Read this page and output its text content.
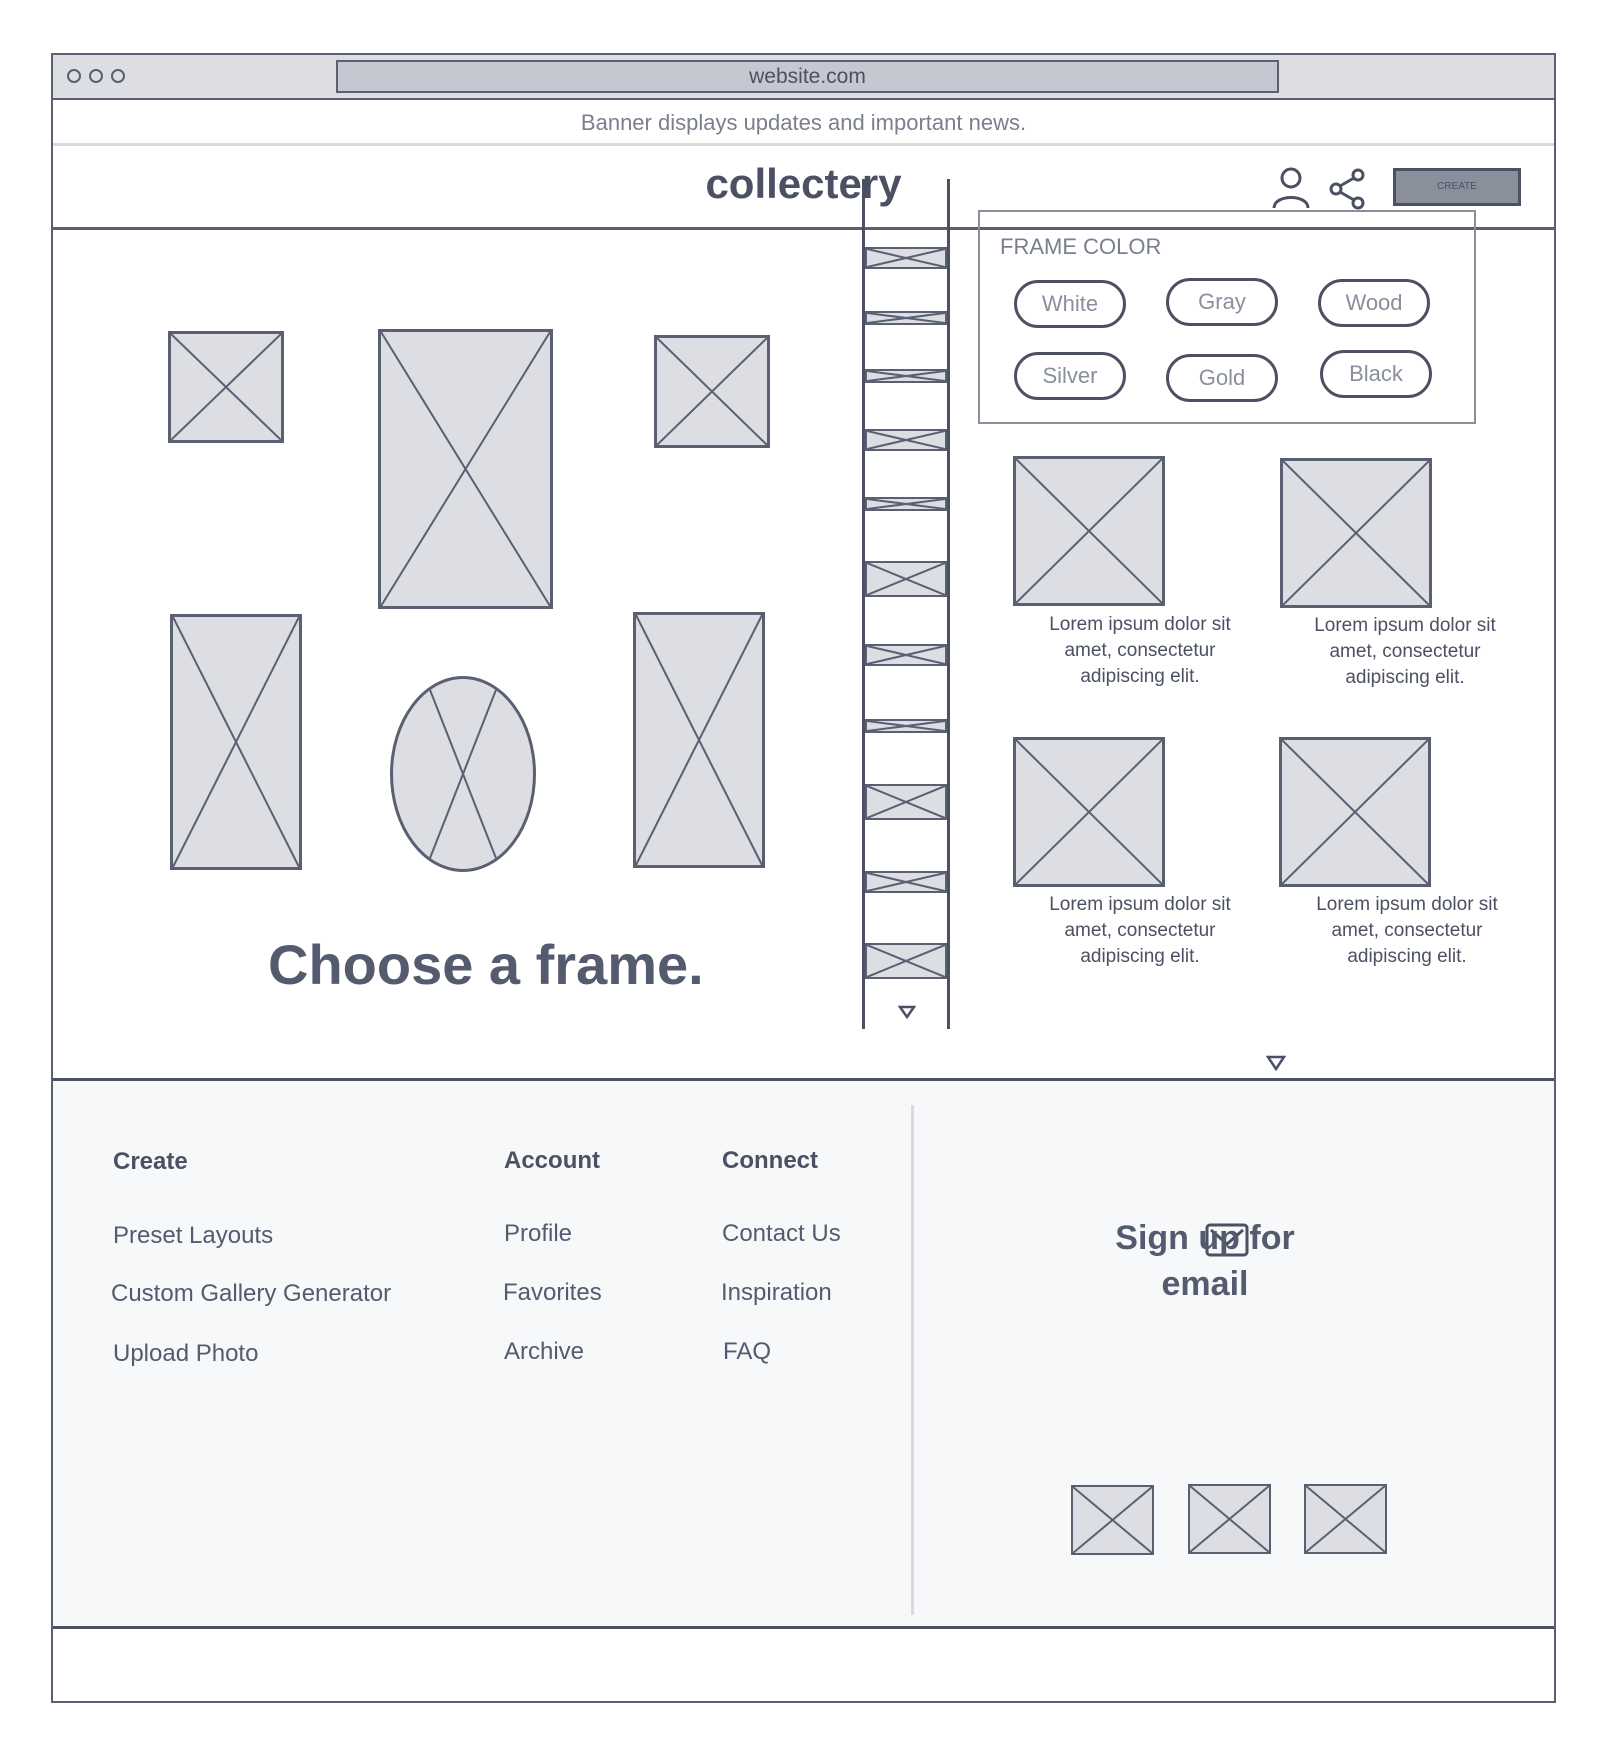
website.com
Banner displays updates and important news.
collectery	CREATE
Choose a frame.
FRAME COLOR
White	Gray	Wood
Silver	Gold	Black
Lorem ipsum dolor sit amet, consectetur adipiscing elit.
Lorem ipsum dolor sit amet, consectetur adipiscing elit.
Lorem ipsum dolor sit amet, consectetur adipiscing elit.
Lorem ipsum dolor sit amet, consectetur adipiscing elit.
Create
Preset Layouts
Custom Gallery Generator
Upload Photo
Account
Profile
Favorites
Archive
Connect
Contact Us
Inspiration
FAQ
Sign up for email
